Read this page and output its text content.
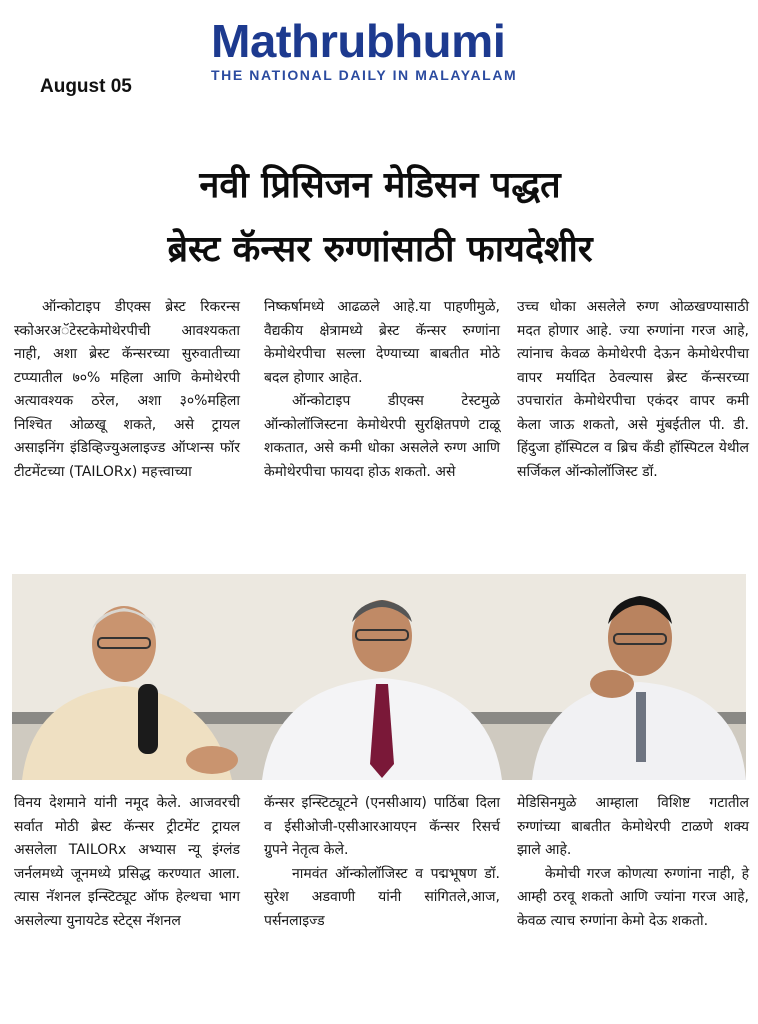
August 05
Mathrubhumi
THE NATIONAL DAILY IN MALAYALAM
नवी प्रिसिजन मेडिसन पद्धत
ब्रेस्ट कॅन्सर रुग्णांसाठी फायदेशीर

ऑन्कोटाइप डीएक्स ब्रेस्ट रिकरन्स स्कोअरअॅटेस्टकेमोथेरपीची आवश्यकता नाही, अशा ब्रेस्ट कॅन्सरच्या सुरुवातीच्या टप्प्यातील ७०% महिला आणि केमोथेरपी अत्यावश्यक ठरेल, अशा ३०%महिला निश्चित ओळखू शकते, असे ट्रायल असाइनिंग इंडिव्हिज्युअलाइज्ड ऑप्शन्स फॉर टीटमेंटच्या (TAILORx) महत्त्वाच्या

निष्कर्षामध्ये आढळले आहे.या पाहणीमुळे, वैद्यकीय क्षेत्रामध्ये ब्रेस्ट कॅन्सर रुग्णांना केमोथेरपीचा सल्ला देण्याच्या बाबतीत मोठे बदल होणार आहेत.

ऑन्कोटाइप डीएक्स टेस्टमुळे ऑन्कोलॉजिस्टना केमोथेरपी सुरक्षितपणे टाळू शकतात, असे कमी धोका असलेले रुग्ण आणि केमोथेरपीचा फायदा होऊ शकतो. असे

उच्च धोका असलेले रुग्ण ओळखण्यासाठी मदत होणार आहे. ज्या रुग्णांना गरज आहे, त्यांनाच केवळ केमोथेरपी देऊन केमोथेरपीचा वापर मर्यादित ठेवल्यास ब्रेस्ट कॅन्सरच्या उपचारांत केमोथेरपीचा एकंदर वापर कमी केला जाऊ शकतो, असे मुंबईतील पी. डी. हिंदुजा हॉस्पिटल व ब्रिच कँडी हॉस्पिटल येथील सर्जिकल ऑन्कोलॉजिस्ट डॉ.

विनय देशमाने यांनी नमूद केले. आजवरची सर्वात मोठी ब्रेस्ट कॅन्सर ट्रीटमेंट ट्रायल असलेला TAILORx अभ्यास न्यू इंग्लंड जर्नलमध्ये जूनमध्ये प्रसिद्ध करण्यात आला. त्यास नॅशनल इन्स्टिट्यूट ऑफ हेल्थचा भाग असलेल्या युनायटेड स्टेट्स नॅशनल

कॅन्सर इन्स्टिट्यूटने (एनसीआय) पाठिंबा दिला व ईसीओजी-एसीआरआयएन कॅन्सर रिसर्च ग्रुपने नेतृत्व केले.

नामवंत ऑन्कोलॉजिस्ट व पद्मभूषण डॉ. सुरेश अडवाणी यांनी सांगितले,आज, पर्सनलाइज्ड

मेडिसिनमुळे आम्हाला विशिष्ट गटातील रुग्णांच्या बाबतीत केमोथेरपी टाळणे शक्य झाले आहे.

केमोची गरज कोणत्या रुग्णांना नाही, हे आम्ही ठरवू शकतो आणि ज्यांना गरज आहे, केवळ त्याच रुग्णांना केमो देऊ शकतो.
